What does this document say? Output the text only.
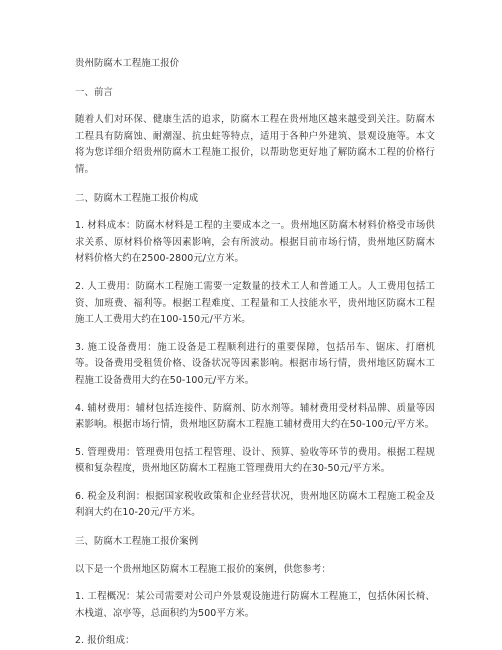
贵州防腐木工程施工报价

一、前言

随着人们对环保、健康生活的追求，防腐木工程在贵州地区越来越受到关注。防腐木工程具有防腐蚀、耐潮湿、抗虫蛀等特点，适用于各种户外建筑、景观设施等。本文将为您详细介绍贵州防腐木工程施工报价，以帮助您更好地了解防腐木工程的价格行情。

二、防腐木工程施工报价构成

1. 材料成本：防腐木材料是工程的主要成本之一。贵州地区防腐木材料价格受市场供求关系、原材料价格等因素影响，会有所波动。根据目前市场行情，贵州地区防腐木材料价格大约在2500-2800元/立方米。

2. 人工费用：防腐木工程施工需要一定数量的技术工人和普通工人。人工费用包括工资、加班费、福利等。根据工程难度、工程量和工人技能水平，贵州地区防腐木工程施工人工费用大约在100-150元/平方米。

3. 施工设备费用：施工设备是工程顺利进行的重要保障，包括吊车、锯床、打磨机等。设备费用受租赁价格、设备状况等因素影响。根据市场行情，贵州地区防腐木工程施工设备费用大约在50-100元/平方米。

4. 辅材费用：辅材包括连接件、防腐剂、防水剂等。辅材费用受材料品牌、质量等因素影响。根据市场行情，贵州地区防腐木工程施工辅材费用大约在50-100元/平方米。

5. 管理费用：管理费用包括工程管理、设计、预算、验收等环节的费用。根据工程规模和复杂程度，贵州地区防腐木工程施工管理费用大约在30-50元/平方米。

6. 税金及利润：根据国家税收政策和企业经营状况，贵州地区防腐木工程施工税金及利润大约在10-20元/平方米。

三、防腐木工程施工报价案例

以下是一个贵州地区防腐木工程施工报价的案例，供您参考：

1. 工程概况：某公司需要对公司户外景观设施进行防腐木工程施工，包括休闲长椅、木栈道、凉亭等，总面积约为500平方米。

2. 报价组成：
